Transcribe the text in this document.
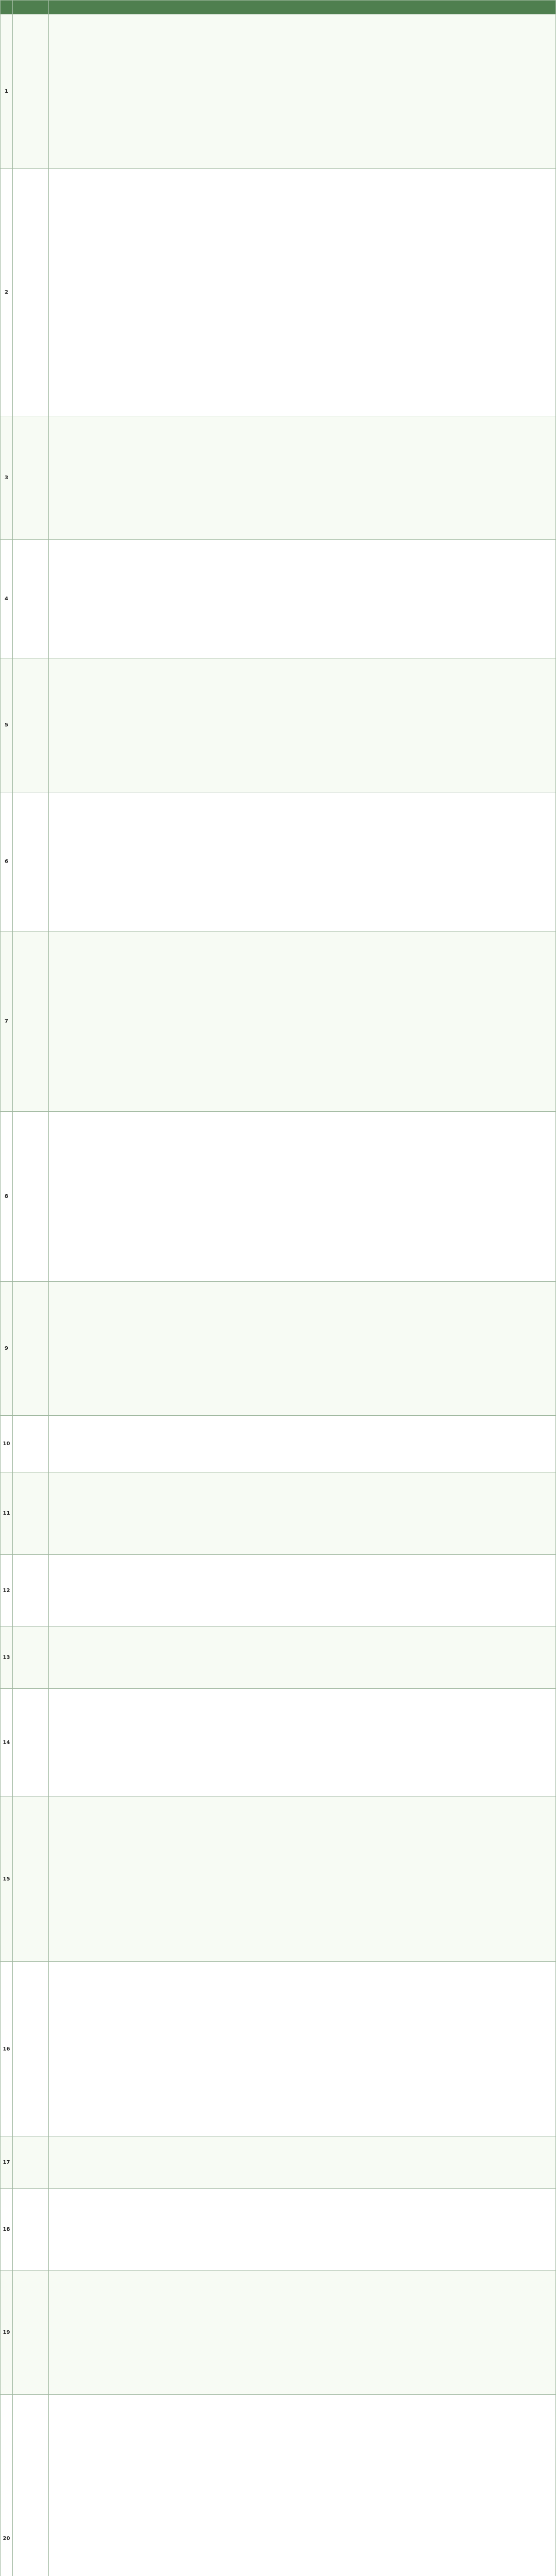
1
2
3
4
5
6
7
8
9
10
11
12
13
14
15
16
17
18
19
20
